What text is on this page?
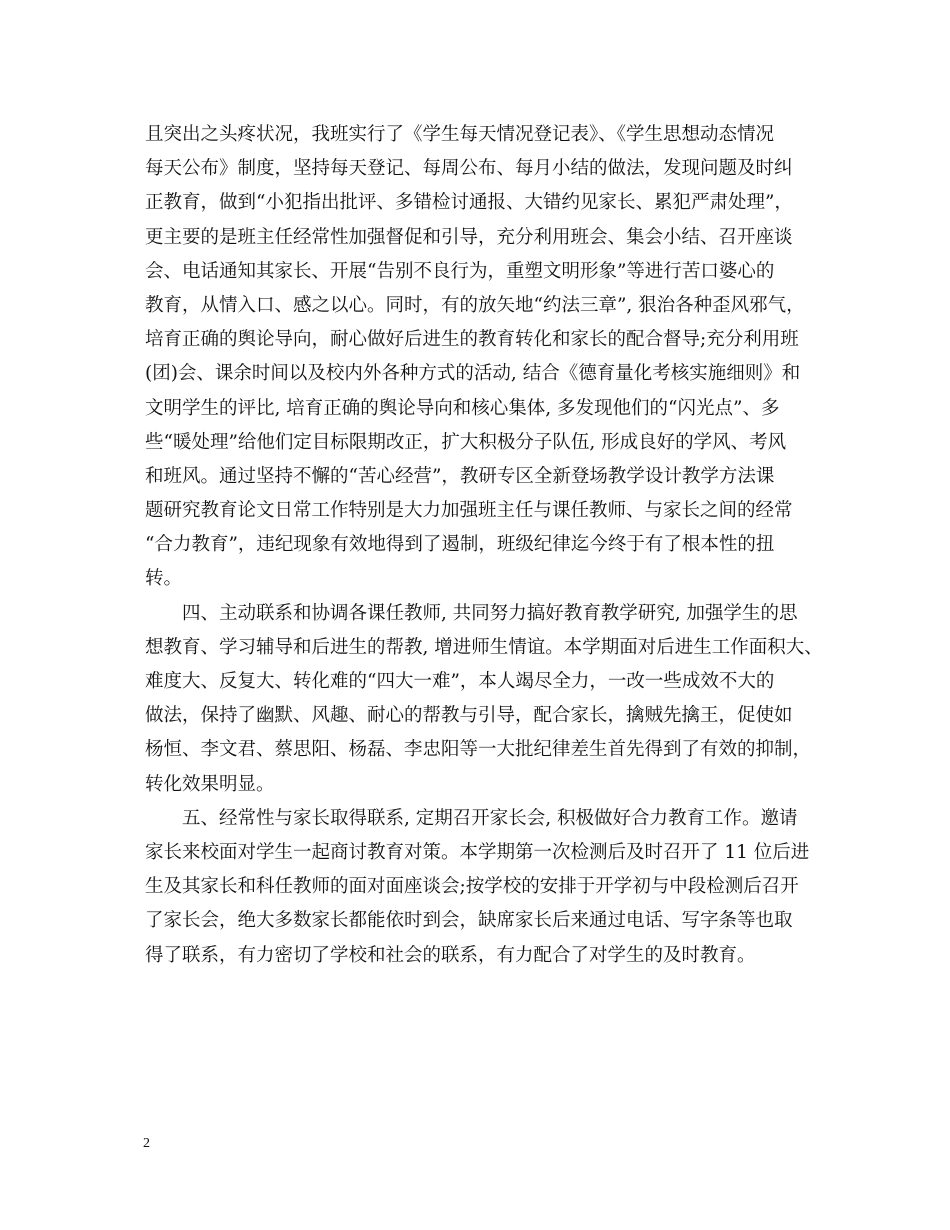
且突出之头疼状况，我班实行了《学生每天情况登记表》、《学生思想动态情况
每天公布》制度，坚持每天登记、每周公布、每月小结的做法，发现问题及时纠
正教育，做到“小犯指出批评、多错检讨通报、大错约见家长、累犯严肃处理”，
更主要的是班主任经常性加强督促和引导，充分利用班会、集会小结、召开座谈
会、电话通知其家长、开展“告别不良行为，重塑文明形象”等进行苦口婆心的
教育，从情入口、感之以心。同时，有的放矢地“约法三章”, 狠治各种歪风邪气，
培育正确的舆论导向，耐心做好后进生的教育转化和家长的配合督导;充分利用班
(团)会、课余时间以及校内外各种方式的活动, 结合《德育量化考核实施细则》和
文明学生的评比, 培育正确的舆论导向和核心集体, 多发现他们的“闪光点”、多
些“暖处理”给他们定目标限期改正，扩大积极分子队伍, 形成良好的学风、考风
和班风。通过坚持不懈的“苦心经营”，教研专区全新登场教学设计教学方法课
题研究教育论文日常工作特别是大力加强班主任与课任教师、与家长之间的经常
“合力教育”，违纪现象有效地得到了遏制，班级纪律迄今终于有了根本性的扭
转。
四、主动联系和协调各课任教师, 共同努力搞好教育教学研究, 加强学生的思
想教育、学习辅导和后进生的帮教, 增进师生情谊。本学期面对后进生工作面积大、
难度大、反复大、转化难的“四大一难”，本人竭尽全力，一改一些成效不大的
做法，保持了幽默、风趣、耐心的帮教与引导，配合家长，擒贼先擒王，促使如
杨恒、李文君、蔡思阳、杨磊、李忠阳等一大批纪律差生首先得到了有效的抑制，
转化效果明显。
五、经常性与家长取得联系, 定期召开家长会, 积极做好合力教育工作。邀请
家长来校面对学生一起商讨教育对策。本学期第一次检测后及时召开了 11 位后进
生及其家长和科任教师的面对面座谈会;按学校的安排于开学初与中段检测后召开
了家长会，绝大多数家长都能依时到会，缺席家长后来通过电话、写字条等也取
得了联系，有力密切了学校和社会的联系，有力配合了对学生的及时教育。
2
